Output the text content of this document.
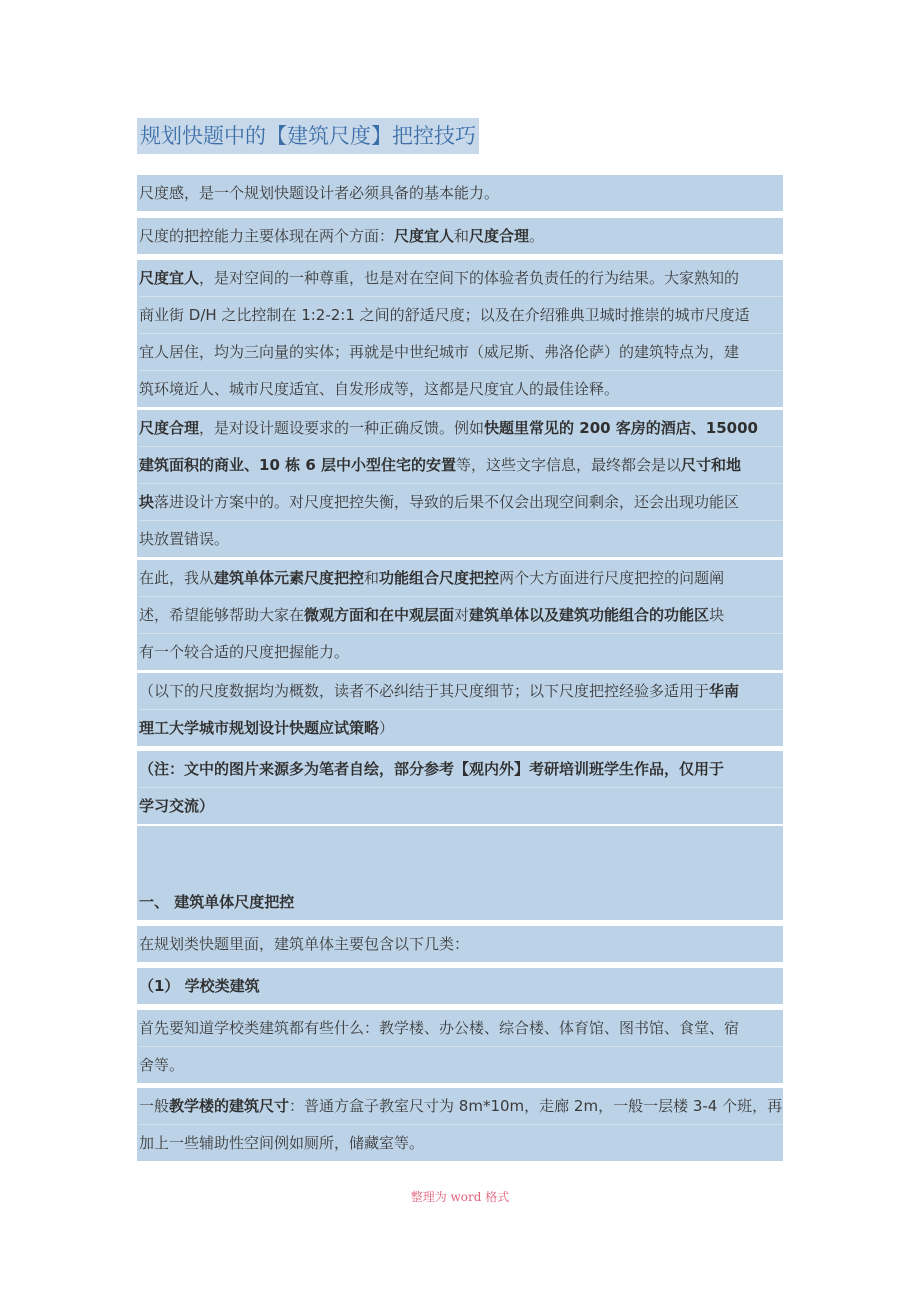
规划快题中的【建筑尺度】把控技巧
尺度感，是一个规划快题设计者必须具备的基本能力。
尺度的把控能力主要体现在两个方面：尺度宜人和尺度合理。
尺度宜人，是对空间的一种尊重，也是对在空间下的体验者负责任的行为结果。大家熟知的
商业街 D/H 之比控制在 1:2-2:1 之间的舒适尺度；以及在介绍雅典卫城时推崇的城市尺度适
宜人居住，均为三向量的实体；再就是中世纪城市（威尼斯、弗洛伦萨）的建筑特点为，建
筑环境近人、城市尺度适宜、自发形成等，这都是尺度宜人的最佳诠释。
尺度合理，是对设计题设要求的一种正确反馈。例如快题里常见的 200 客房的酒店、15000
建筑面积的商业、10 栋 6 层中小型住宅的安置等，这些文字信息，最终都会是以尺寸和地
块落进设计方案中的。对尺度把控失衡，导致的后果不仅会出现空间剩余，还会出现功能区
块放置错误。
在此，我从建筑单体元素尺度把控和功能组合尺度把控两个大方面进行尺度把控的问题阐
述，希望能够帮助大家在微观方面和在中观层面对建筑单体以及建筑功能组合的功能区块
有一个较合适的尺度把握能力。
（以下的尺度数据均为概数，读者不必纠结于其尺度细节；以下尺度把控经验多适用于华南
理工大学城市规划设计快题应试策略）
（注：文中的图片来源多为笔者自绘，部分参考【观内外】考研培训班学生作品，仅用于
学习交流）
一、 建筑单体尺度把控
在规划类快题里面，建筑单体主要包含以下几类：
（1） 学校类建筑
首先要知道学校类建筑都有些什么：教学楼、办公楼、综合楼、体育馆、图书馆、食堂、宿
舍等。
一般教学楼的建筑尺寸：普通方盒子教室尺寸为 8m*10m，走廊 2m，一般一层楼 3-4 个班，再
加上一些辅助性空间例如厕所，储藏室等。
整理为 word 格式
